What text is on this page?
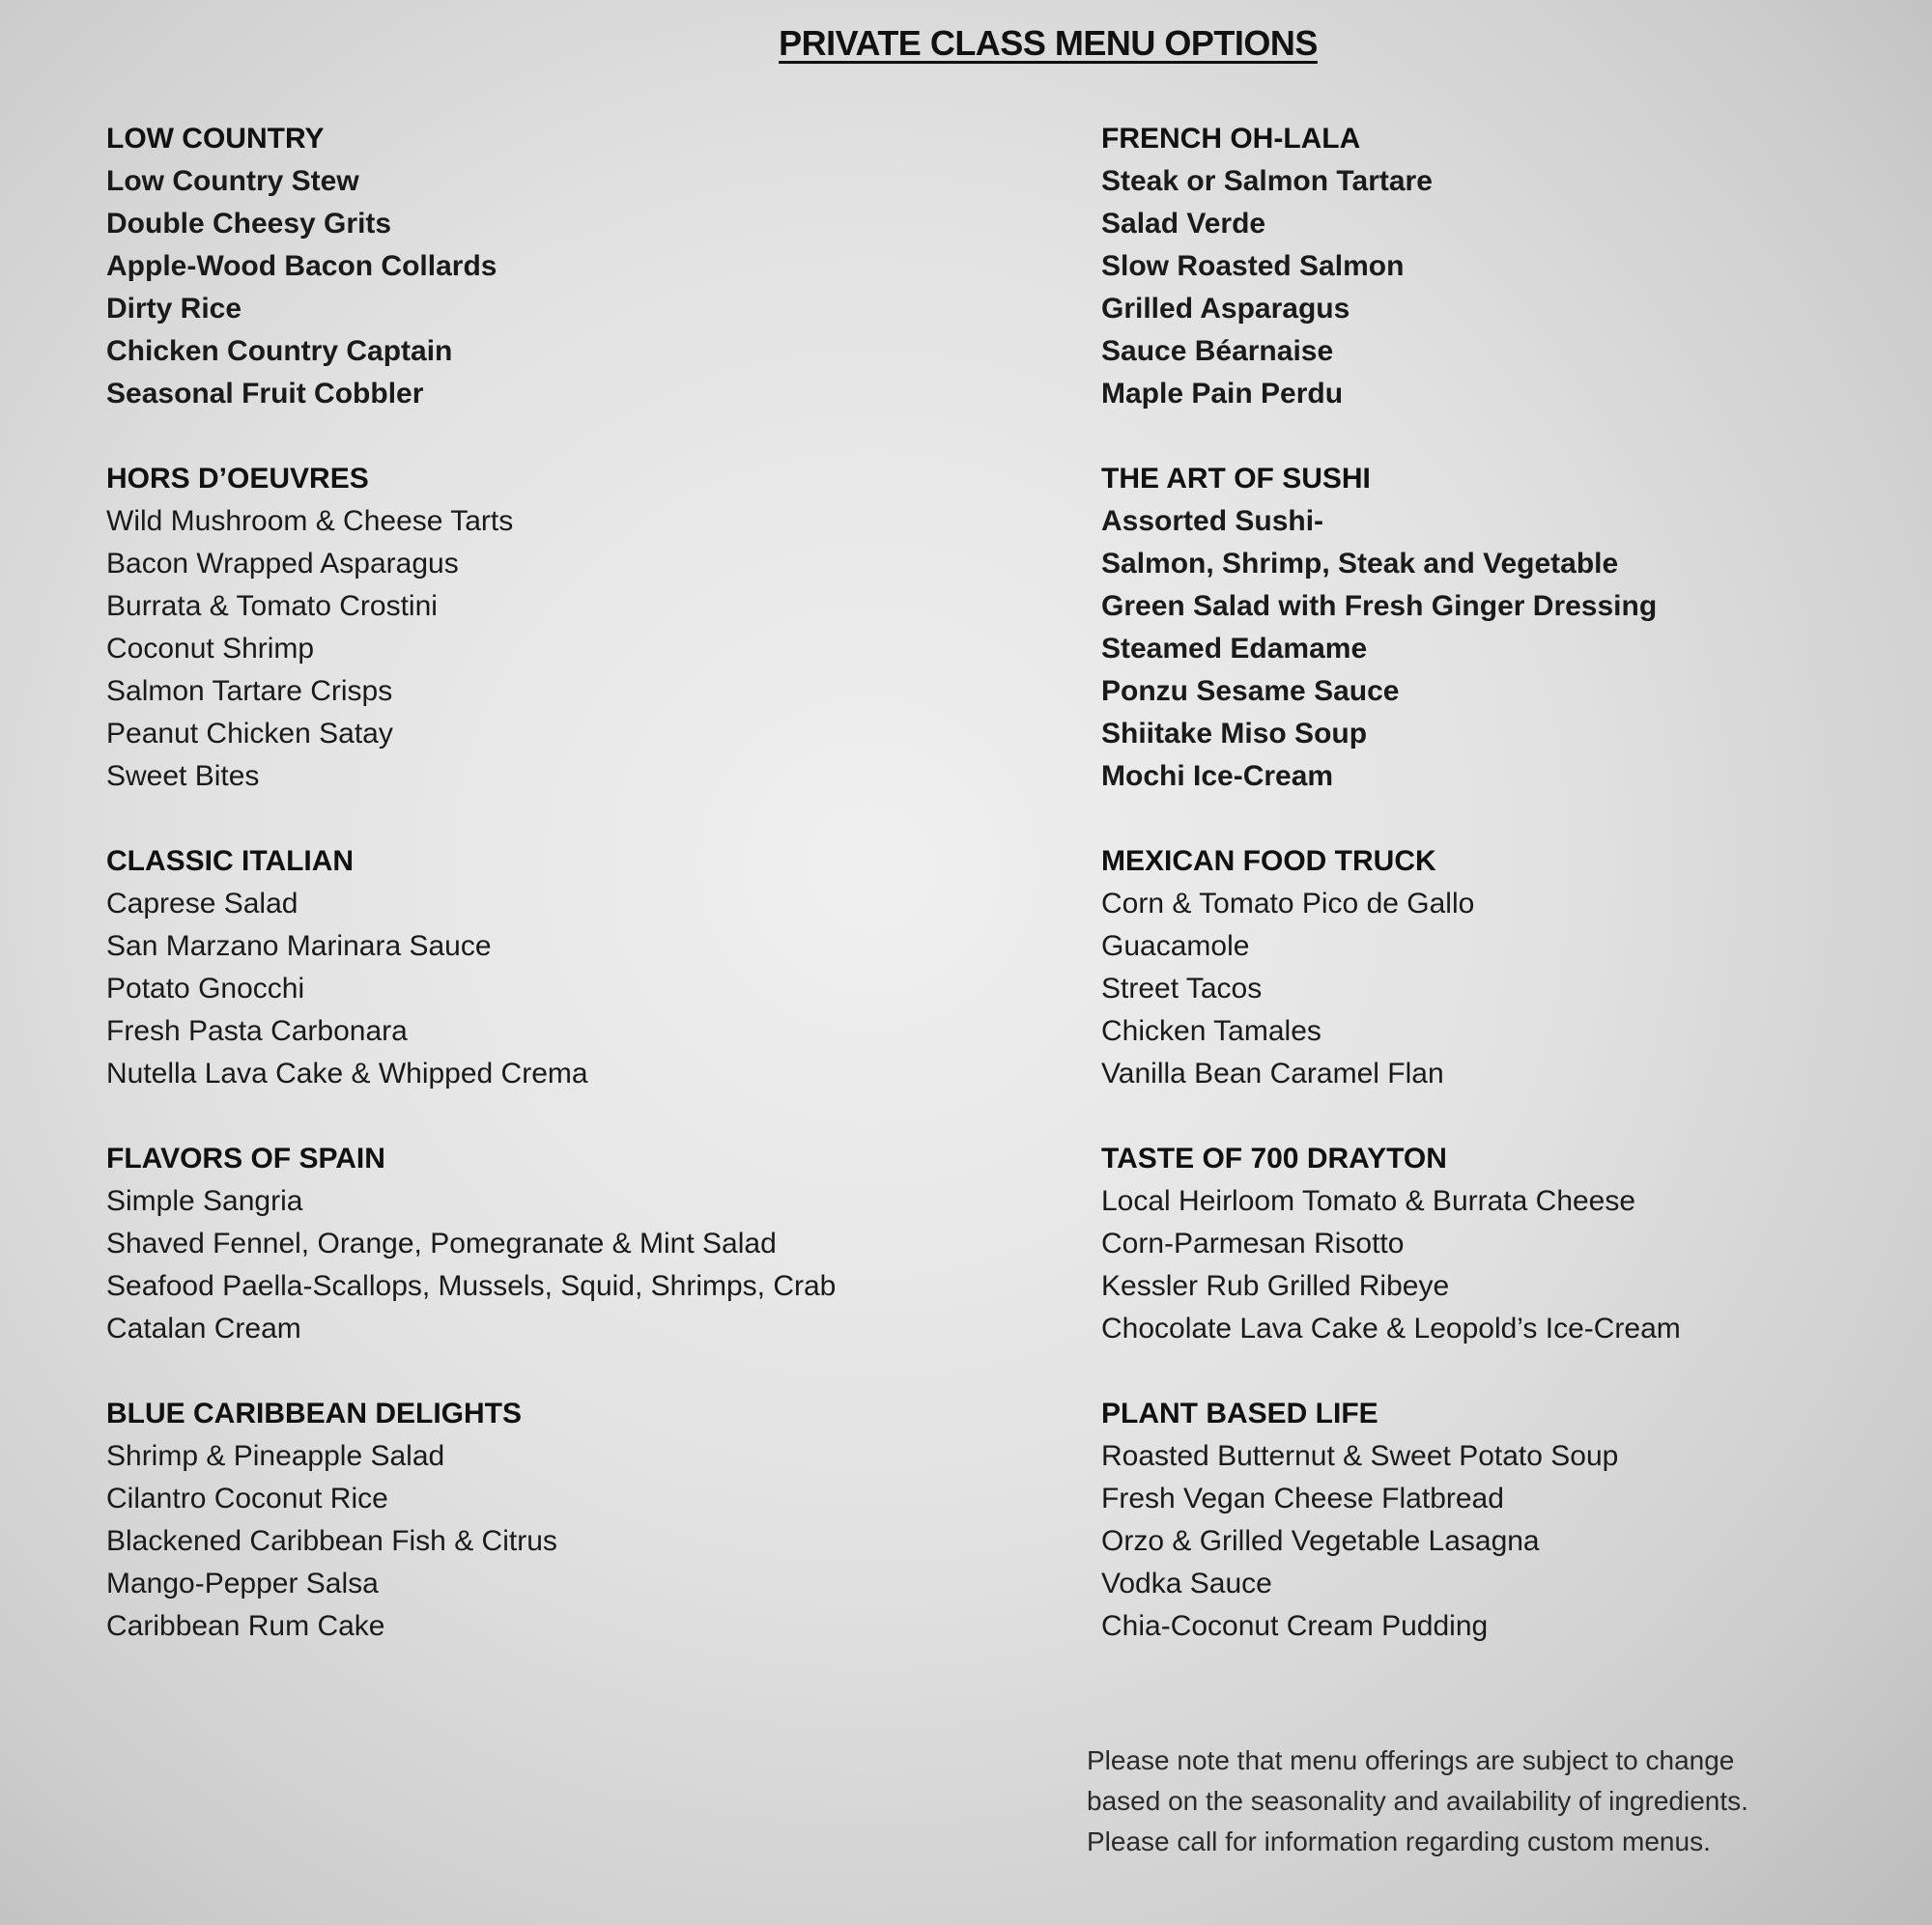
PRIVATE CLASS MENU OPTIONS

LOW COUNTRY

Low Country Stew

Double Cheesy Grits

Apple-Wood Bacon Collards

Dirty Rice

Chicken Country Captain

Seasonal Fruit Cobbler

HORS D’OEUVRES

Wild Mushroom & Cheese Tarts

Bacon Wrapped Asparagus

Burrata & Tomato Crostini

Coconut Shrimp

Salmon Tartare Crisps

Peanut Chicken Satay

Sweet Bites

CLASSIC ITALIAN

Caprese Salad

San Marzano Marinara Sauce

Potato Gnocchi

Fresh Pasta Carbonara

Nutella Lava Cake & Whipped Crema

FLAVORS OF SPAIN

Simple Sangria

Shaved Fennel, Orange, Pomegranate & Mint Salad

Seafood Paella-Scallops, Mussels, Squid, Shrimps, Crab

Catalan Cream

BLUE CARIBBEAN DELIGHTS

Shrimp & Pineapple Salad

Cilantro Coconut Rice

Blackened Caribbean Fish & Citrus

Mango-Pepper Salsa

Caribbean Rum Cake

FRENCH OH-LALA

Steak or Salmon Tartare

Salad Verde

Slow Roasted Salmon

Grilled Asparagus

Sauce Béarnaise

Maple Pain Perdu

THE ART OF SUSHI

Assorted Sushi-

Salmon, Shrimp, Steak and Vegetable

Green Salad with Fresh Ginger Dressing

Steamed Edamame

Ponzu Sesame Sauce

Shiitake Miso Soup

Mochi Ice-Cream

MEXICAN FOOD TRUCK

Corn & Tomato Pico de Gallo

Guacamole

Street Tacos

Chicken Tamales

Vanilla Bean Caramel Flan

TASTE OF 700 DRAYTON

Local Heirloom Tomato & Burrata Cheese

Corn-Parmesan Risotto

Kessler Rub Grilled Ribeye

Chocolate Lava Cake & Leopold’s Ice-Cream

PLANT BASED LIFE

Roasted Butternut & Sweet Potato Soup

Fresh Vegan Cheese Flatbread

Orzo & Grilled Vegetable Lasagna

Vodka Sauce

Chia-Coconut Cream Pudding

Please note that menu offerings are subject to change

based on the seasonality and availability of ingredients.

Please call for information regarding custom menus.
